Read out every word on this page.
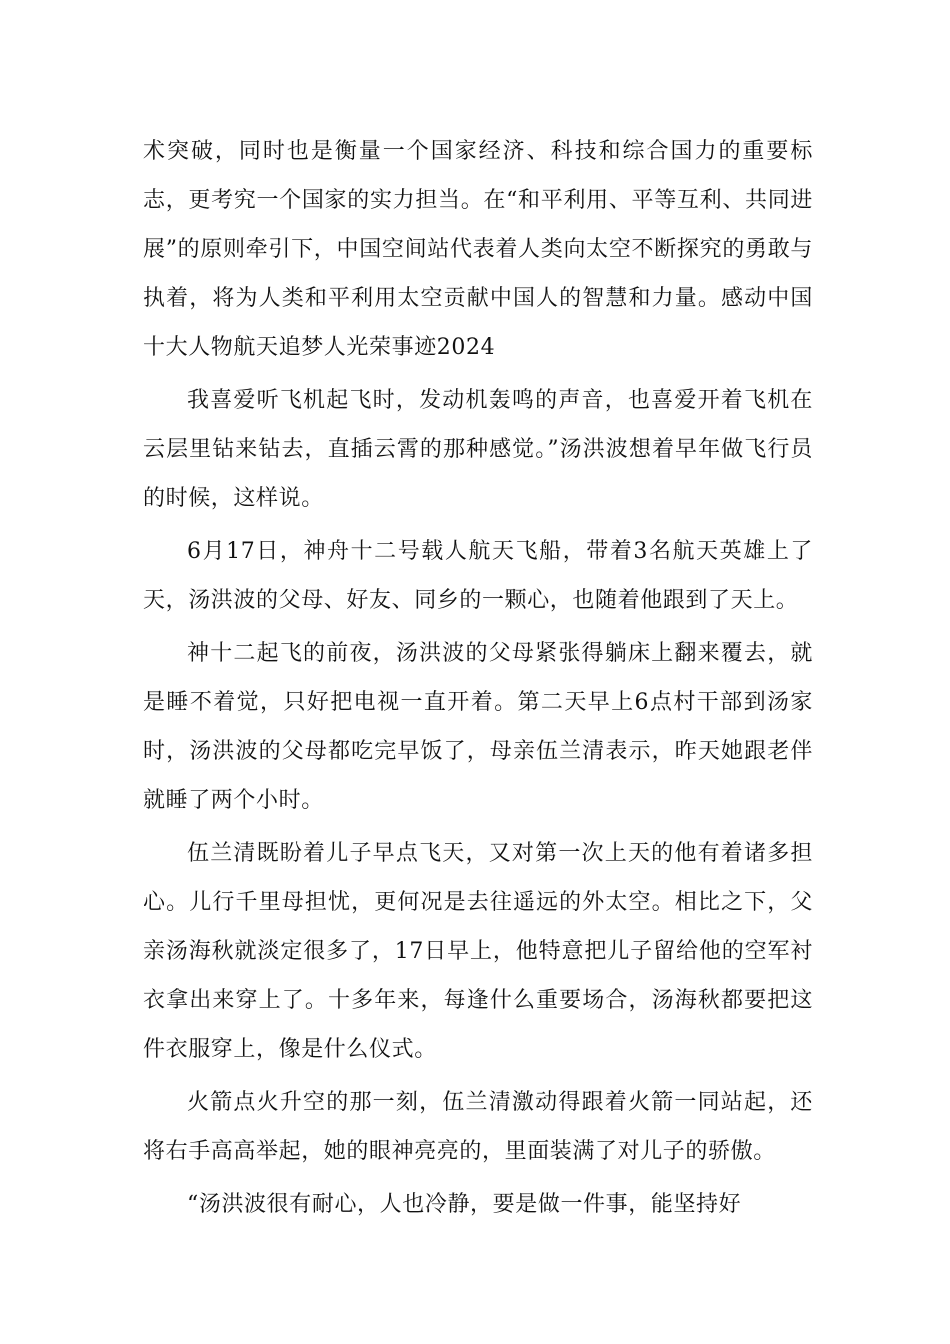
术突破，同时也是衡量一个国家经济、科技和综合国力的重要标志，更考究一个国家的实力担当。在“和平利用、平等互利、共同进展”的原则牵引下，中国空间站代表着人类向太空不断探究的勇敢与执着，将为人类和平利用太空贡献中国人的智慧和力量。感动中国十大人物航天追梦人光荣事迹2024

我喜爱听飞机起飞时，发动机轰鸣的声音，也喜爱开着飞机在云层里钻来钻去，直插云霄的那种感觉。”汤洪波想着早年做飞行员的时候，这样说。

6月17日，神舟十二号载人航天飞船，带着3名航天英雄上了天，汤洪波的父母、好友、同乡的一颗心，也随着他跟到了天上。

神十二起飞的前夜，汤洪波的父母紧张得躺床上翻来覆去，就是睡不着觉，只好把电视一直开着。第二天早上6点村干部到汤家时，汤洪波的父母都吃完早饭了，母亲伍兰清表示，昨天她跟老伴就睡了两个小时。

伍兰清既盼着儿子早点飞天，又对第一次上天的他有着诸多担心。儿行千里母担忧，更何况是去往遥远的外太空。相比之下，父亲汤海秋就淡定很多了，17日早上，他特意把儿子留给他的空军衬衣拿出来穿上了。十多年来，每逢什么重要场合，汤海秋都要把这件衣服穿上，像是什么仪式。

火箭点火升空的那一刻，伍兰清激动得跟着火箭一同站起，还将右手高高举起，她的眼神亮亮的，里面装满了对儿子的骄傲。

“汤洪波很有耐心，人也冷静，要是做一件事，能坚持好
